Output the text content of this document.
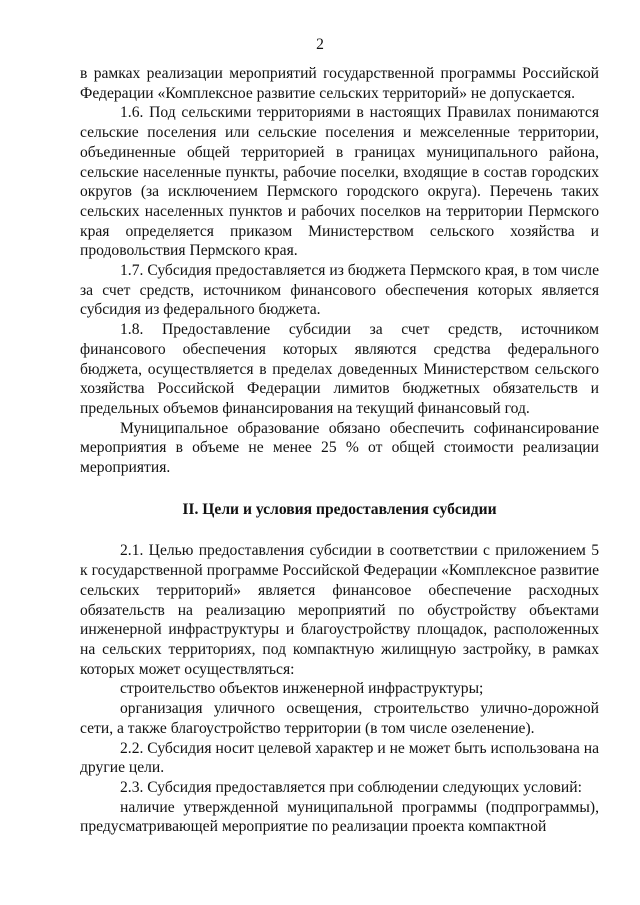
2

в рамках реализации мероприятий государственной программы Российской Федерации «Комплексное развитие сельских территорий» не допускается.

1.6. Под сельскими территориями в настоящих Правилах понимаются сельские поселения или сельские поселения и межселенные территории, объединенные общей территорией в границах муниципального района, сельские населенные пункты, рабочие поселки, входящие в состав городских округов (за исключением Пермского городского округа). Перечень таких сельских населенных пунктов и рабочих поселков на территории Пермского края определяется приказом Министерством сельского хозяйства и продовольствия Пермского края.

1.7. Субсидия предоставляется из бюджета Пермского края, в том числе за счет средств, источником финансового обеспечения которых является субсидия из федерального бюджета.

1.8. Предоставление субсидии за счет средств, источником финансового обеспечения которых являются средства федерального бюджета, осуществляется в пределах доведенных Министерством сельского хозяйства Российской Федерации лимитов бюджетных обязательств и предельных объемов финансирования на текущий финансовый год.

Муниципальное образование обязано обеспечить софинансирование мероприятия в объеме не менее 25 % от общей стоимости реализации мероприятия.

II. Цели и условия предоставления субсидии

2.1. Целью предоставления субсидии в соответствии с приложением 5 к государственной программе Российской Федерации «Комплексное развитие сельских территорий» является финансовое обеспечение расходных обязательств на реализацию мероприятий по обустройству объектами инженерной инфраструктуры и благоустройству площадок, расположенных на сельских территориях, под компактную жилищную застройку, в рамках которых может осуществляться:

строительство объектов инженерной инфраструктуры;

организация уличного освещения, строительство улично-дорожной сети, а также благоустройство территории (в том числе озеленение).

2.2. Субсидия носит целевой характер и не может быть использована на другие цели.

2.3. Субсидия предоставляется при соблюдении следующих условий:

наличие утвержденной муниципальной программы (подпрограммы), предусматривающей мероприятие по реализации проекта компактной
